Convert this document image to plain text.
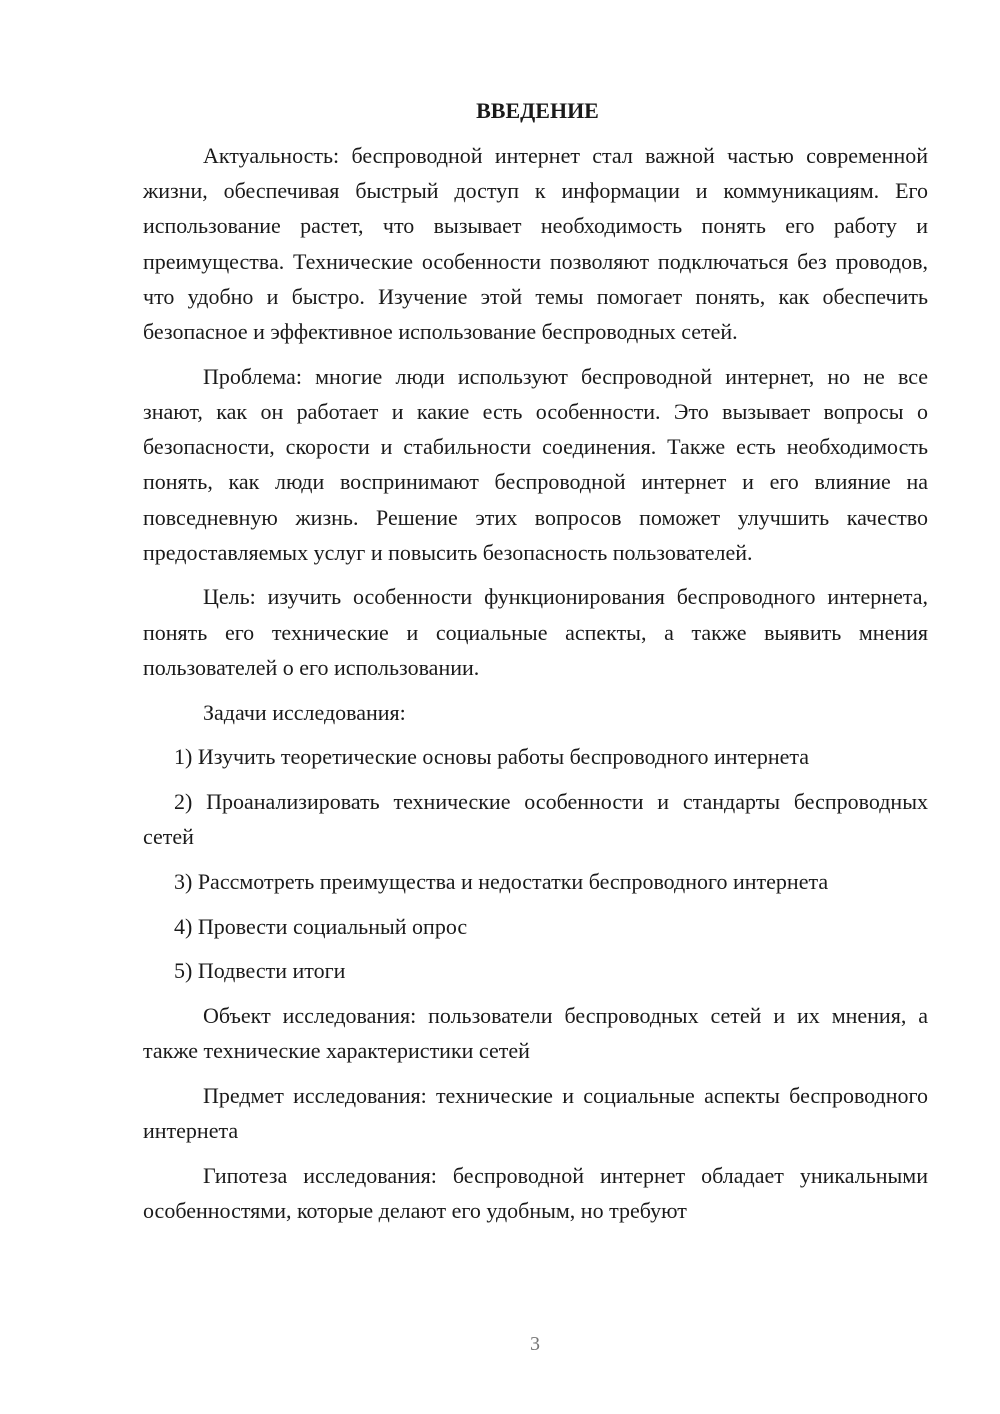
ВВЕДЕНИЕ

Актуальность: беспроводной интернет стал важной частью современной жизни, обеспечивая быстрый доступ к информации и коммуникациям. Его использование растет, что вызывает необходимость понять его работу и преимущества. Технические особенности позволяют подключаться без проводов, что удобно и быстро. Изучение этой темы помогает понять, как обеспечить безопасное и эффективное использование беспроводных сетей.

Проблема: многие люди используют беспроводной интернет, но не все знают, как он работает и какие есть особенности. Это вызывает вопросы о безопасности, скорости и стабильности соединения. Также есть необходимость понять, как люди воспринимают беспроводной интернет и его влияние на повседневную жизнь. Решение этих вопросов поможет улучшить качество предоставляемых услуг и повысить безопасность пользователей.

Цель: изучить особенности функционирования беспроводного интернета, понять его технические и социальные аспекты, а также выявить мнения пользователей о его использовании.

Задачи исследования:

1) Изучить теоретические основы работы беспроводного интернета

2) Проанализировать технические особенности и стандарты беспроводных сетей

3) Рассмотреть преимущества и недостатки беспроводного интернета

4) Провести социальный опрос

5) Подвести итоги

Объект исследования: пользователи беспроводных сетей и их мнения, а также технические характеристики сетей

Предмет исследования: технические и социальные аспекты беспроводного интернета

Гипотеза исследования: беспроводной интернет обладает уникальными особенностями, которые делают его удобным, но требуют

3
